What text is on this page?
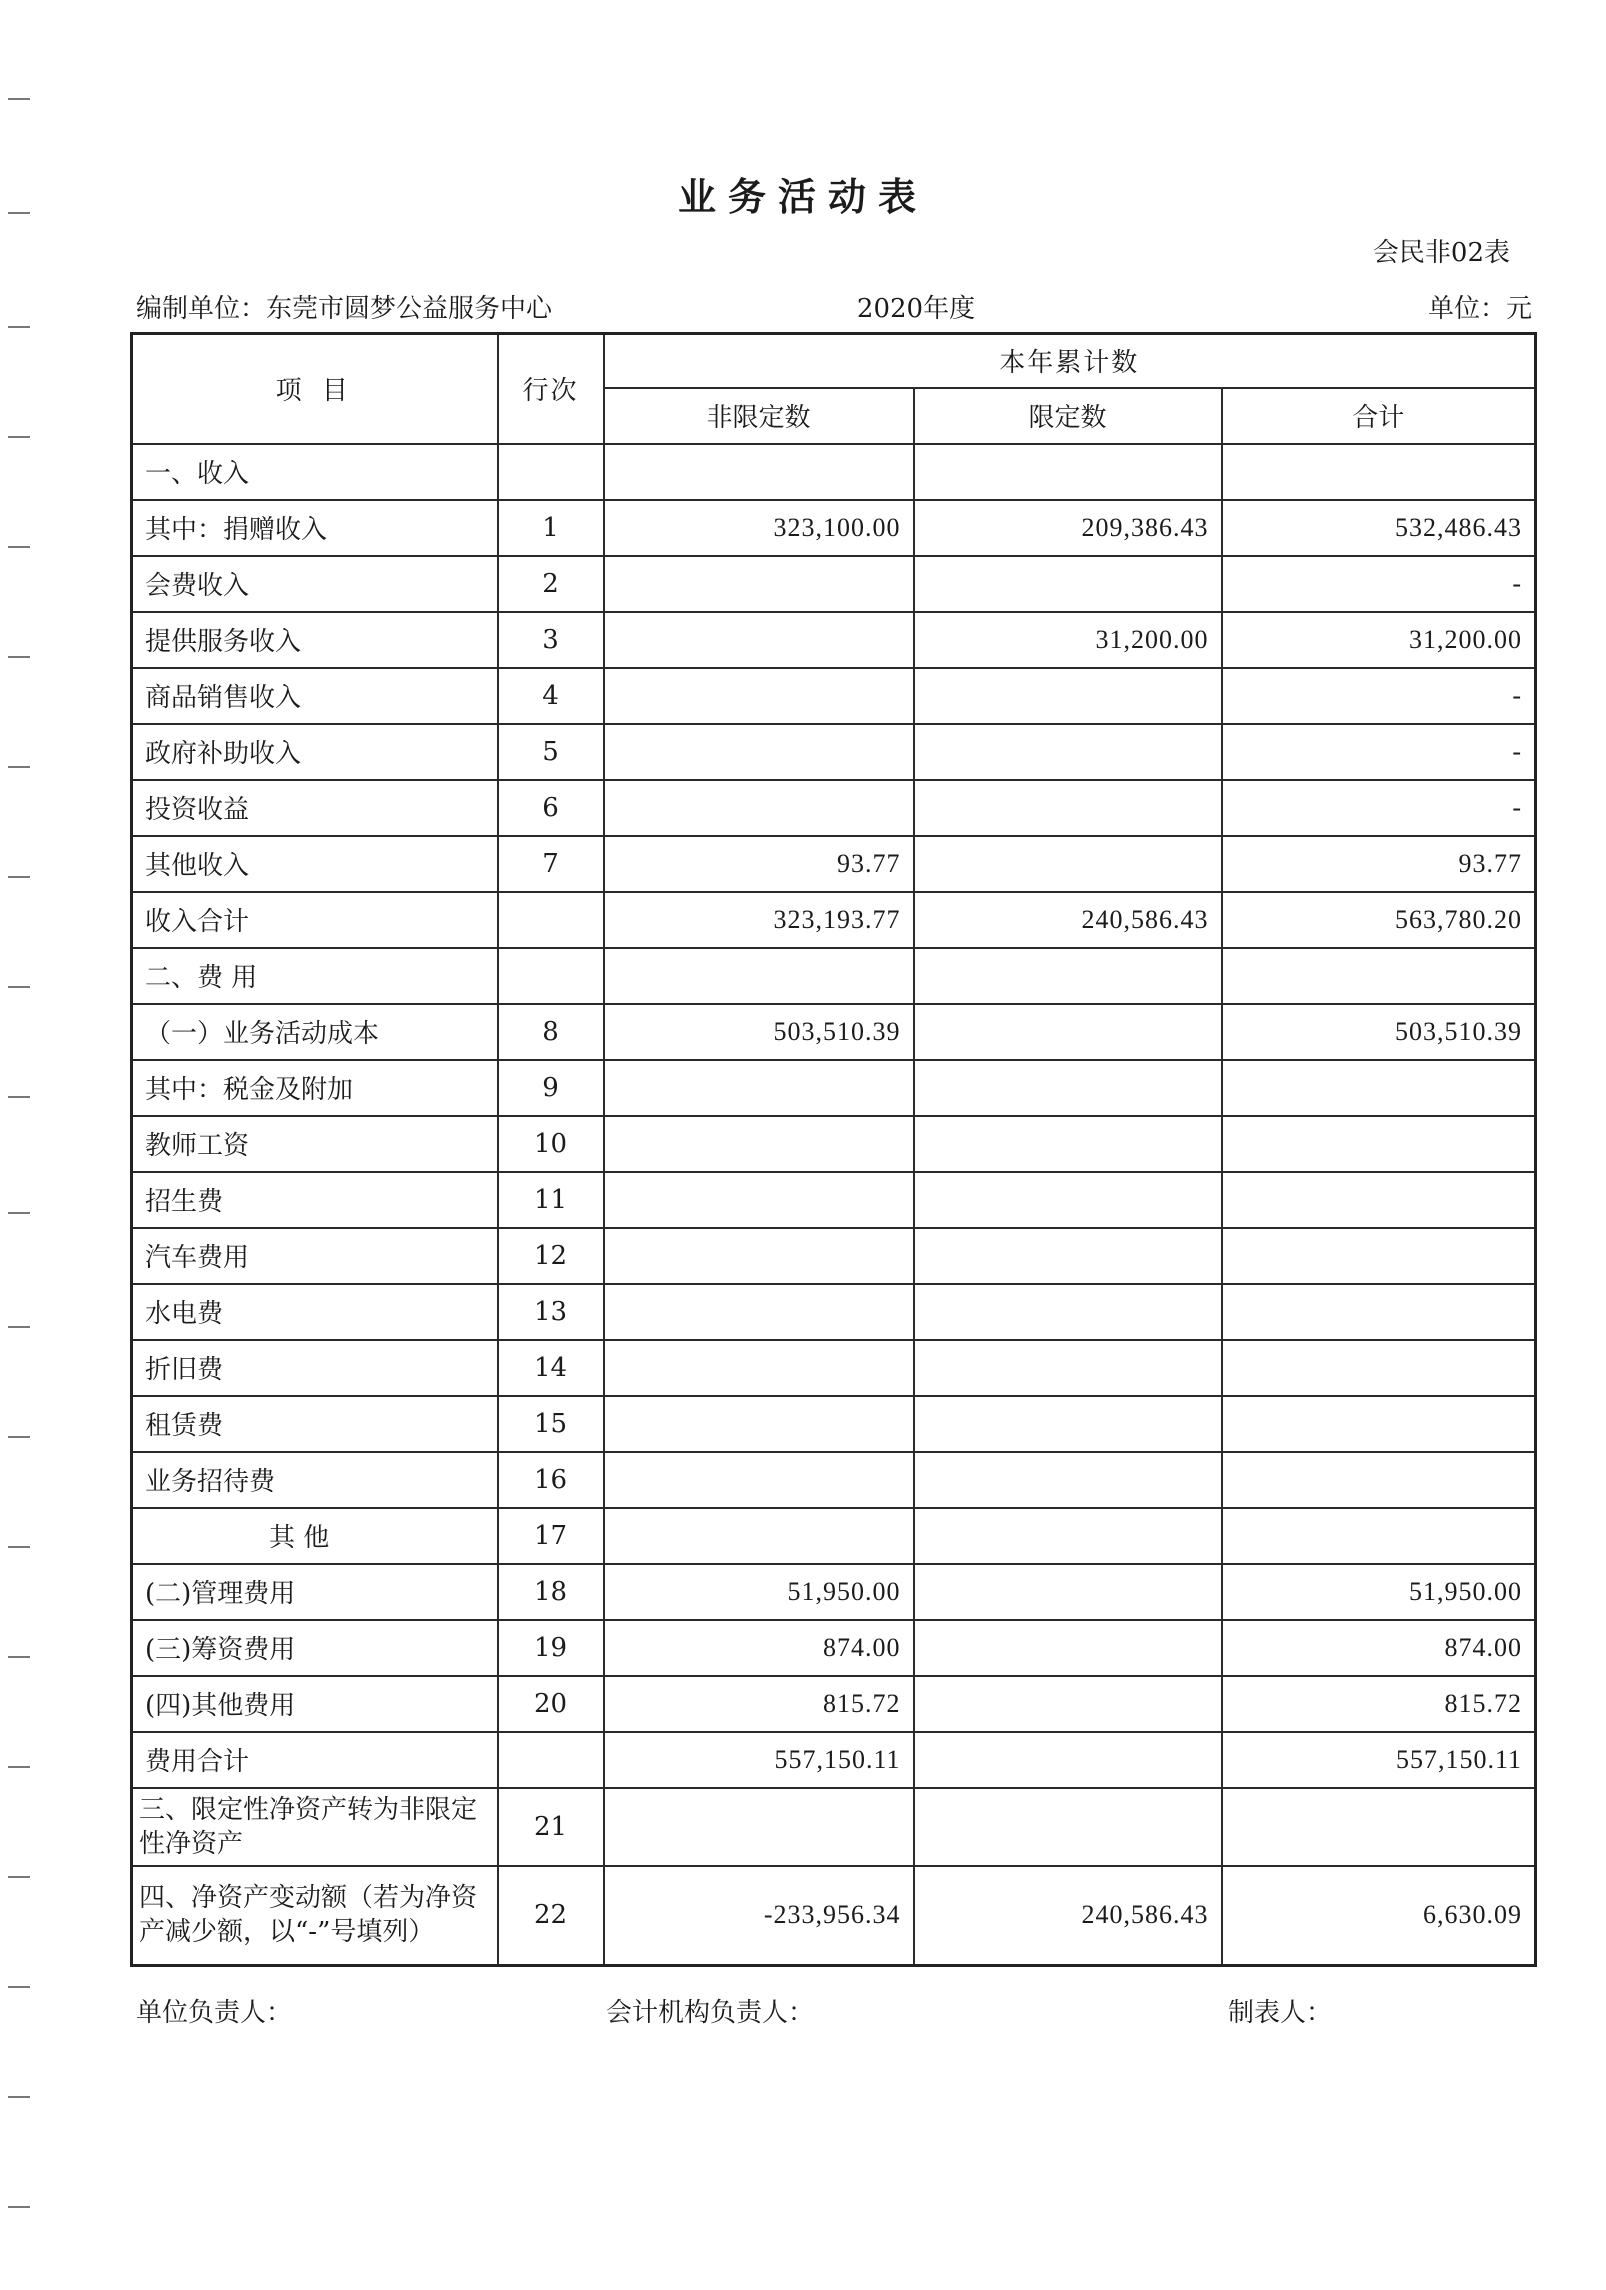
业务活动表
会民非02表
编制单位：东莞市圆梦公益服务中心	2020年度	单位：元
项 目	行次	本年累计数		
		非限定数	限定数	合计
一、收入				
其中：捐赠收入	1	323,100.00	209,386.43	532,486.43
会费收入	2			-
提供服务收入	3		31,200.00	31,200.00
商品销售收入	4			-
政府补助收入	5			-
投资收益	6			-
其他收入	7	93.77		93.77
收入合计		323,193.77	240,586.43	563,780.20
二、费 用				
（一）业务活动成本	8	503,510.39		503,510.39
其中：税金及附加	9			
教师工资	10			
招生费	11			
汽车费用	12			
水电费	13			
折旧费	14			
租赁费	15			
业务招待费	16			
其 他	17			
(二)管理费用	18	51,950.00		51,950.00
(三)筹资费用	19	874.00		874.00
(四)其他费用	20	815.72		815.72
费用合计		557,150.11		557,150.11
三、限定性净资产转为非限定性净资产	21			
四、净资产变动额（若为净资产减少额，以“-”号填列）	22	-233,956.34	240,586.43	6,630.09
单位负责人：	会计机构负责人：	制表人：
